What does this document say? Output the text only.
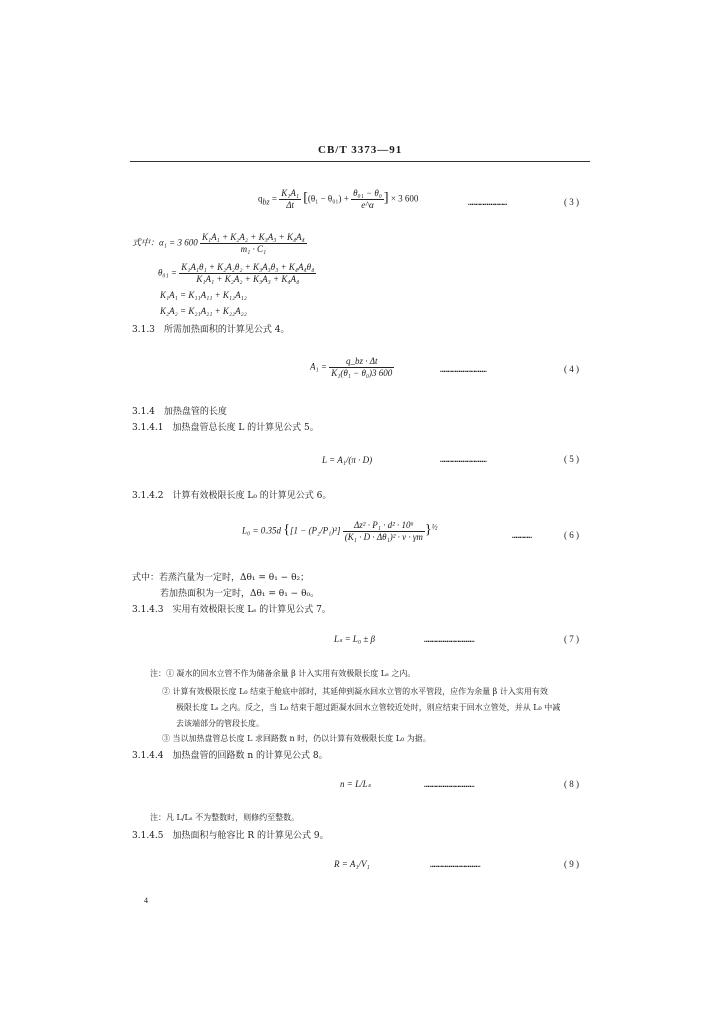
CB/T 3373—91
$q_{bz} = \frac{\text{K₁A₁}}{\Delta t} [(\theta_1 - \theta_{01}) + \frac{\text{θ₀₁ − θ₀}}{e\^{}\alpha}$ ] × 3 600	…………………………	( 3 )
式中：α₁ = 3 $600 \frac{\text{K₁A₁ + K₂A₂ + K₃A₃ + K₄A₄}}{\text{m₁ · C₁}}$
$\theta_{01} = \frac{\text{K₁A₁θ₁ + K₂A₂θ₂ + K₃A₃θ₃ + K₄A₄θ₄}}{\text{K₁A₁ + K₂A₂ + K₃A₃ + K₄A₄}}$
K₁A₁ = K₁₁A₁₁ + K₁₂A₁₂
K₂A₂ = K₂₁A₂₁ + K₂₂A₂₂
3.1.3　所需加热面积的计算见公式 4。
$A_1 = \frac{q\_bz \cdot \Delta t}{\text{K₁(θ₁ − θ₀)3 600}}$	………………………………	( 4 )
3.1.4　加热盘管的长度
3.1.4.1　加热盘管总长度 L 的计算见公式 5。
L = A₁/(π · D)	………………………………	( 5 )
3.1.4.2　计算有效极限长度 L₀ 的计算见公式 6。
L₀ = 0.35d $\{[1 - (P_2/P_1)^2] \frac{\text{Δz² · P₁ · d² · 10⁶}}{\text{(K₁ · D · Δθ₁)² · v · γm}} \}^{\frac{1}{2}}$
……………	( 6 )
式中：若蒸汽量为一定时，Δθ₁ = θ₁ − θ₂；
若加热面积为一定时，Δθ₁ = θ₁ − θ₀。
3.1.4.3　实用有效极限长度 Lₛ 的计算见公式 7。
Lₛ = L₀ ± β	…………………………………	( 7 )
注：① 凝水的回水立管不作为储备余量 β 计入实用有效极限长度 Lₛ 之内。
② 计算有效极限长度 L₀ 结束于舱底中部时，其延伸到凝水回水立管的水平管段，应作为余量 β 计入实用有效
极限长度 Lₛ 之内。反之，当 L₀ 结束于超过距凝水回水立管较近处时，则应结束于回水立管处，并从 L₀ 中减
去该端部分的管段长度。
③ 当以加热盘管总长度 L 求回路数 n 时，仍以计算有效极限长度 L₀ 为据。
3.1.4.4　加热盘管的回路数 n 的计算见公式 8。
n = L/Lₛ	…………………………………	( 8 )
注：凡 L/Lₛ 不为整数时，则修约至整数。
3.1.4.5　加热面积与舱容比 R 的计算见公式 9。
R = A₁/V₁	…………………………………	( 9 )
4
